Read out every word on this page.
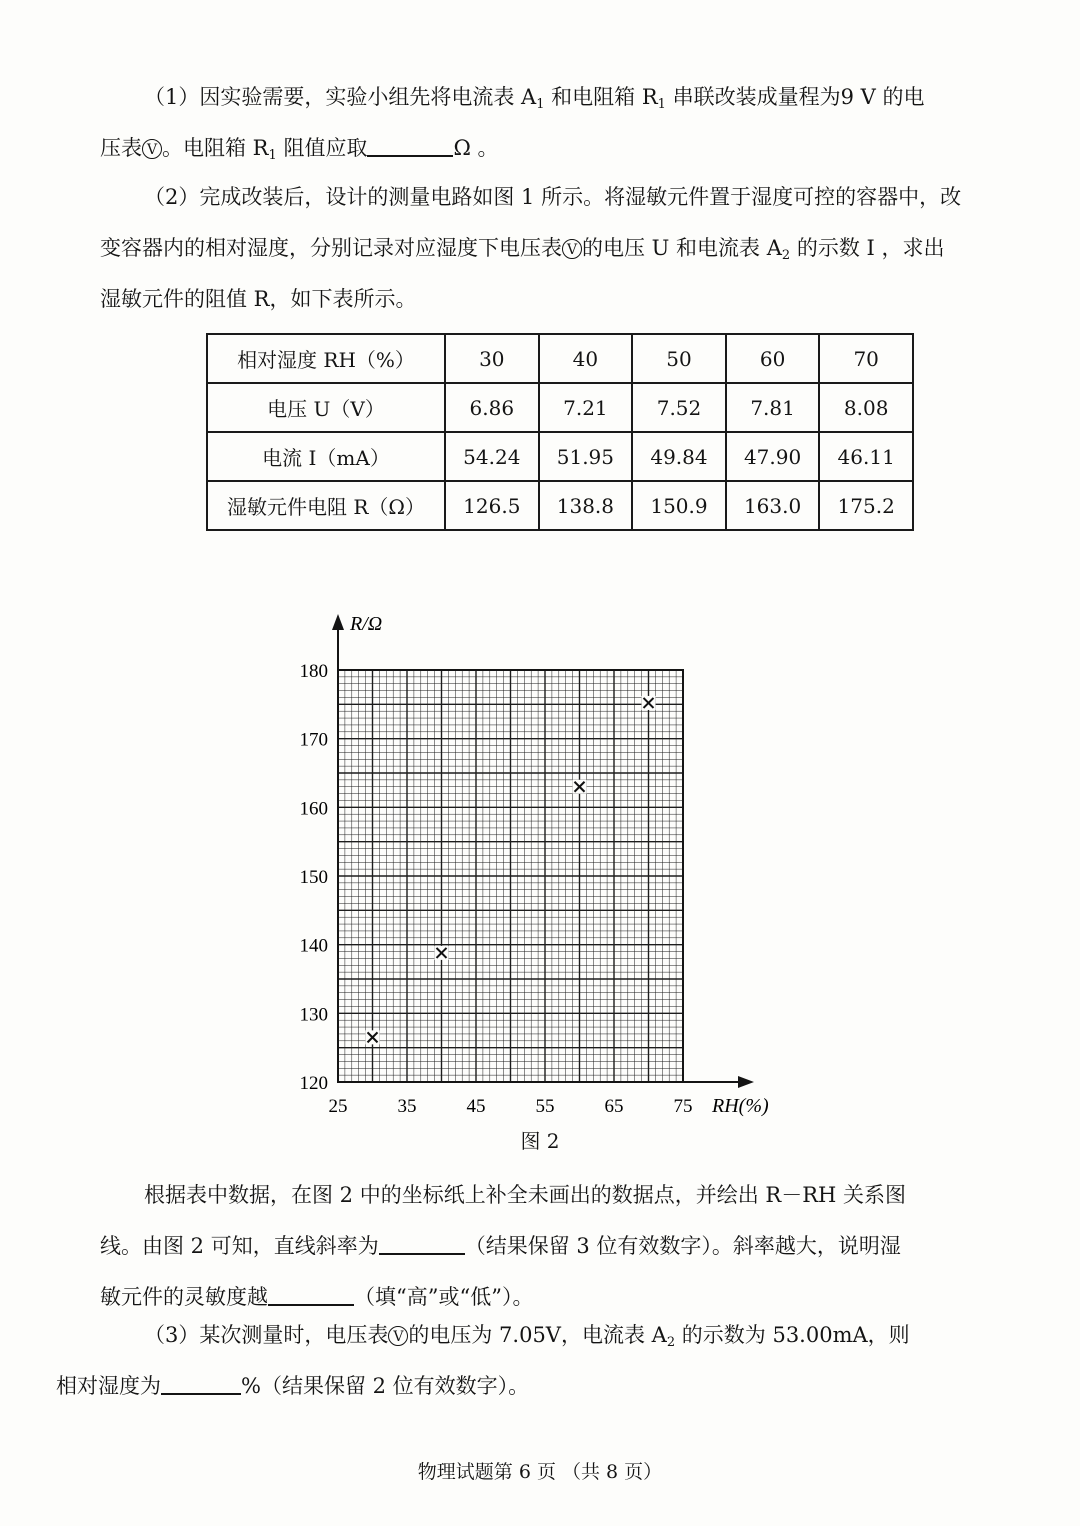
（1）因实验需要，实验小组先将电流表 $A_1$ 和电阻箱 $R_1$ 串联改装成量程为9 V 的电
压表 V 。电阻箱 $R_1$ 阻值应取	Ω 。

（2）完成改装后，设计的测量电路如图 1 所示。将湿敏元件置于湿度可控的容器中，改
变容器内的相对湿度，分别记录对应湿度下电压表 V 的电压 U 和电流表 $A_2$ 的示数 I ，求出
湿敏元件的阻值 R，如下表所示。

相对湿度 RH（%）	30	40	50	60	70
电压 U（V）	6.86	7.21	7.52	7.81	8.08
电流 I（mA）	54.24	51.95	49.84	47.90	46.11
湿敏元件电阻 R（Ω）	126.5	138.8	150.9	163.0	175.2
120
130
140
150
160
170
180
25	35	45	55	65	75
R/Ω
RH(%)
图 2

根据表中数据，在图 2 中的坐标纸上补全未画出的数据点，并绘出 R－RH 关系图
线。由图 2 可知，直线斜率为	（结果保留 3 位有效数字）。斜率越大，说明湿
敏元件的灵敏度越	（填“高”或“低”）。

（3）某次测量时，电压表 V 的电压为 7.05V，电流表 $A_2$ 的示数为 53.00mA，则
相对湿度为	%（结果保留 2 位有效数字）。

物理试题第 6 页 （共 8 页）
